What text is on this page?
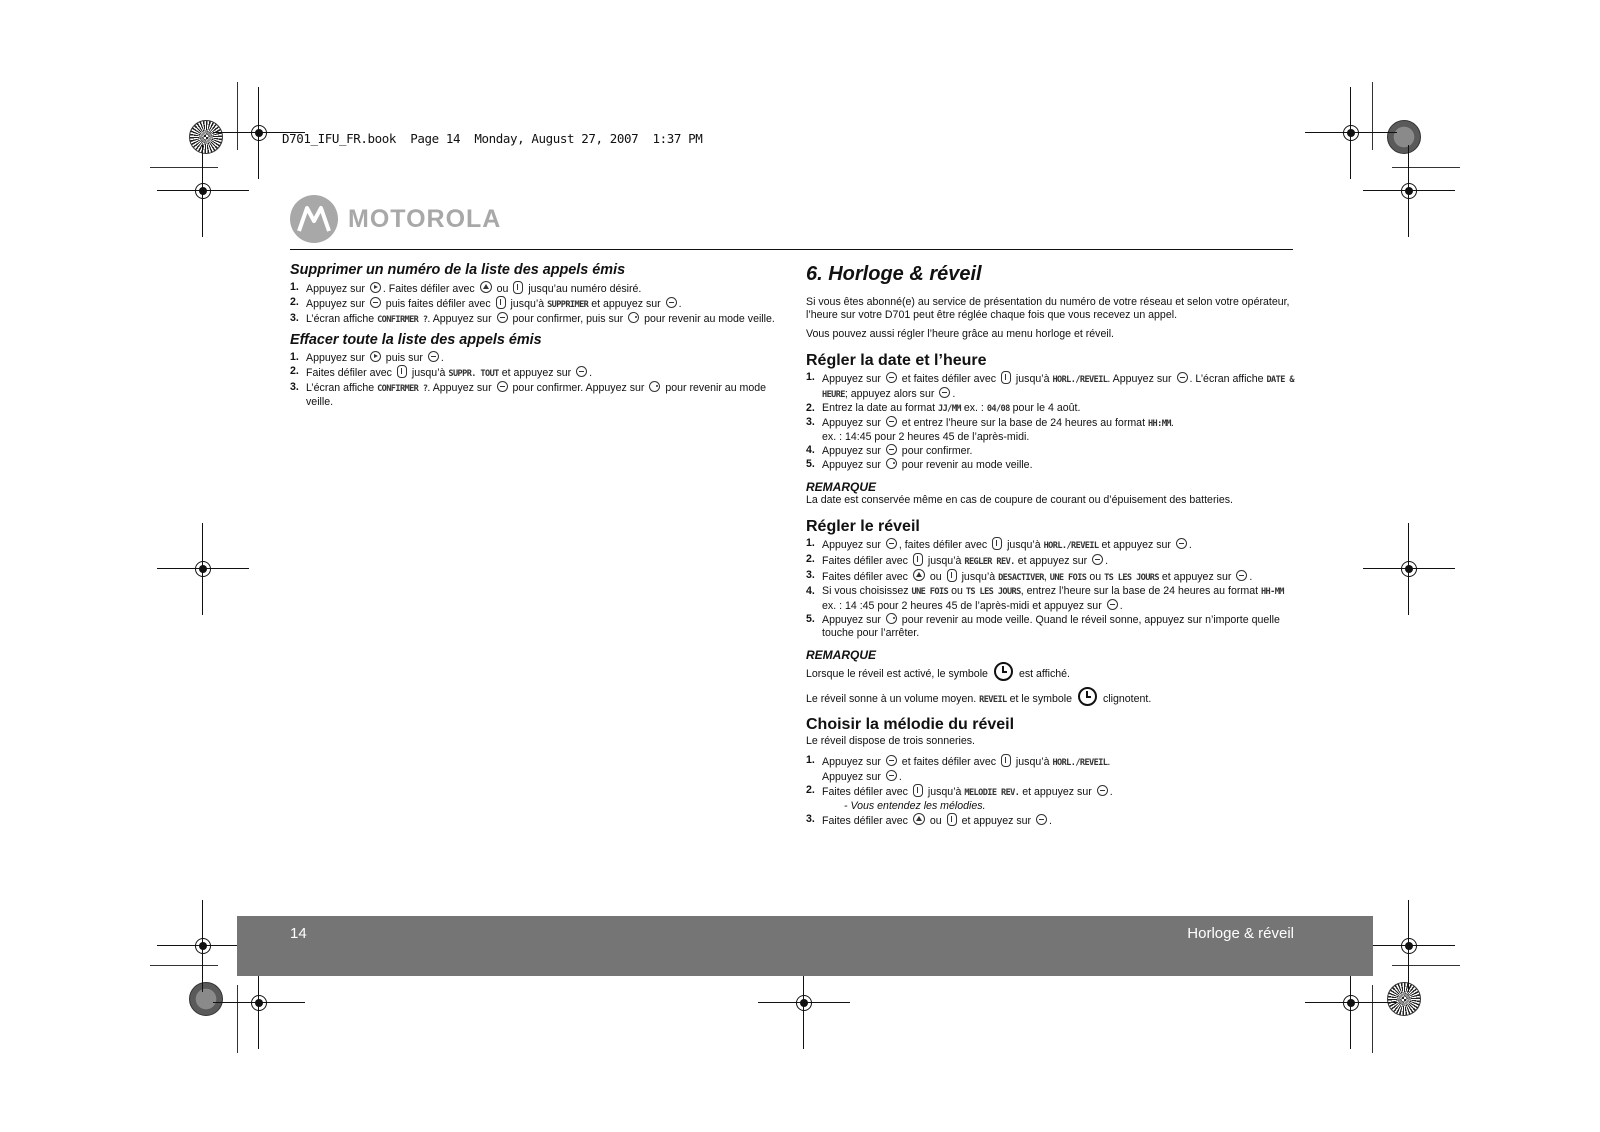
D701_IFU_FR.book  Page 14  Monday, August 27, 2007  1:37 PM
MOTOROLA
Supprimer un numéro de la liste des appels émis
1. Appuyez sur . Faites défiler avec ou jusqu’au numéro désiré.
2. Appuyez sur puis faites défiler avec jusqu’à SUPPRIMER et appuyez sur .
3. L’écran affiche CONFIRMER ?. Appuyez sur pour confirmer, puis sur pour revenir au mode veille.
Effacer toute la liste des appels émis
1. Appuyez sur puis sur .
2. Faites défiler avec jusqu’à SUPPR. TOUT et appuyez sur .
3. L’écran affiche CONFIRMER ?. Appuyez sur pour confirmer. Appuyez sur pour revenir au mode veille.
6. Horloge & réveil

Si vous êtes abonné(e) au service de présentation du numéro de votre réseau et selon votre opérateur, l’heure sur votre D701 peut être réglée chaque fois que vous recevez un appel.

Vous pouvez aussi régler l’heure grâce au menu horloge et réveil.

Régler la date et l’heure
1. Appuyez sur et faites défiler avec jusqu’à HORL./REVEIL. Appuyez sur . L’écran affiche DATE & HEURE; appuyez alors sur .
2. Entrez la date au format JJ/MM ex. : 04/08 pour le 4 août.
3. Appuyez sur et entrez l’heure sur la base de 24 heures au format HH:MM.
ex. : 14:45 pour 2 heures 45 de l’après-midi.
4. Appuyez sur pour confirmer.
5. Appuyez sur pour revenir au mode veille.
REMARQUE

La date est conservée même en cas de coupure de courant ou d’épuisement des batteries.

Régler le réveil
1. Appuyez sur , faites défiler avec jusqu’à HORL./REVEIL et appuyez sur .
2. Faites défiler avec jusqu’à REGLER REV. et appuyez sur .
3. Faites défiler avec ou jusqu’à DESACTIVER, UNE FOIS ou TS LES JOURS et appuyez sur .
4. Si vous choisissez UNE FOIS ou TS LES JOURS, entrez l’heure sur la base de 24 heures au format HH-MM ex. : 14 :45 pour 2 heures 45 de l’après-midi et appuyez sur .
5. Appuyez sur pour revenir au mode veille. Quand le réveil sonne, appuyez sur n’importe quelle touche pour l’arrêter.
REMARQUE

Lorsque le réveil est activé, le symbole	est affiché.

Le réveil sonne à un volume moyen. REVEIL et le symbole	clignotent.

Choisir la mélodie du réveil

Le réveil dispose de trois sonneries.

1. Appuyez sur et faites défiler avec jusqu’à HORL./REVEIL.
Appuyez sur .
2. Faites défiler avec jusqu’à MELODIE REV. et appuyez sur .
- Vous entendez les mélodies.
3. Faites défiler avec ou et appuyez sur .
14	Horloge & réveil
